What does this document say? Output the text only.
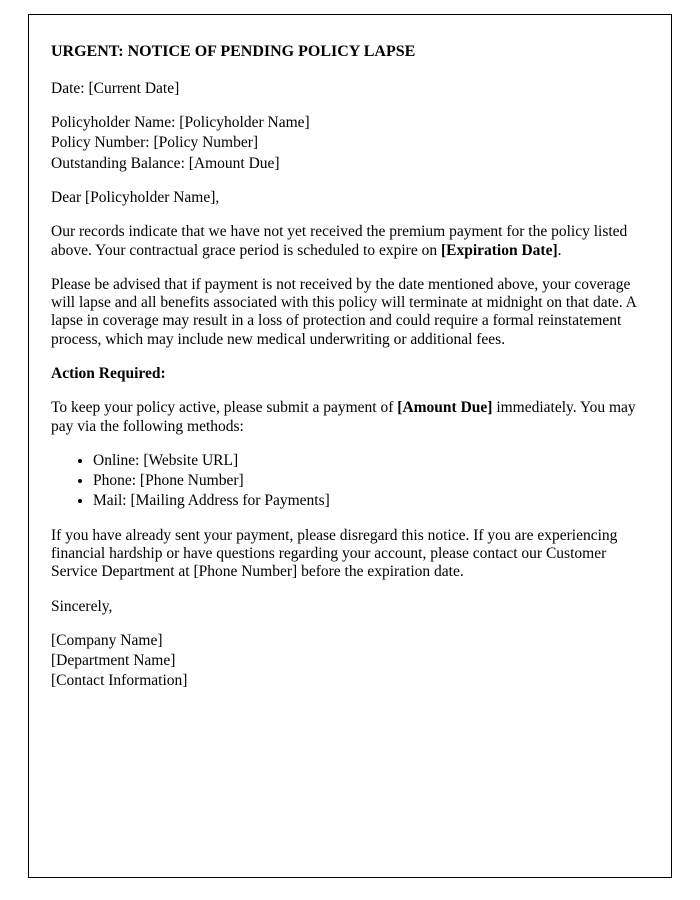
URGENT: NOTICE OF PENDING POLICY LAPSE

Date: [Current Date]

Policyholder Name: [Policyholder Name]
Policy Number: [Policy Number]
Outstanding Balance: [Amount Due]

Dear [Policyholder Name],

Our records indicate that we have not yet received the premium payment for the policy listed above. Your contractual grace period is scheduled to expire on [Expiration Date].

Please be advised that if payment is not received by the date mentioned above, your coverage will lapse and all benefits associated with this policy will terminate at midnight on that date. A lapse in coverage may result in a loss of protection and could require a formal reinstatement process, which may include new medical underwriting or additional fees.

Action Required:

To keep your policy active, please submit a payment of [Amount Due] immediately. You may pay via the following methods:

• Online: [Website URL]
• Phone: [Phone Number]
• Mail: [Mailing Address for Payments]

If you have already sent your payment, please disregard this notice. If you are experiencing financial hardship or have questions regarding your account, please contact our Customer Service Department at [Phone Number] before the expiration date.

Sincerely,

[Company Name]
[Department Name]
[Contact Information]
